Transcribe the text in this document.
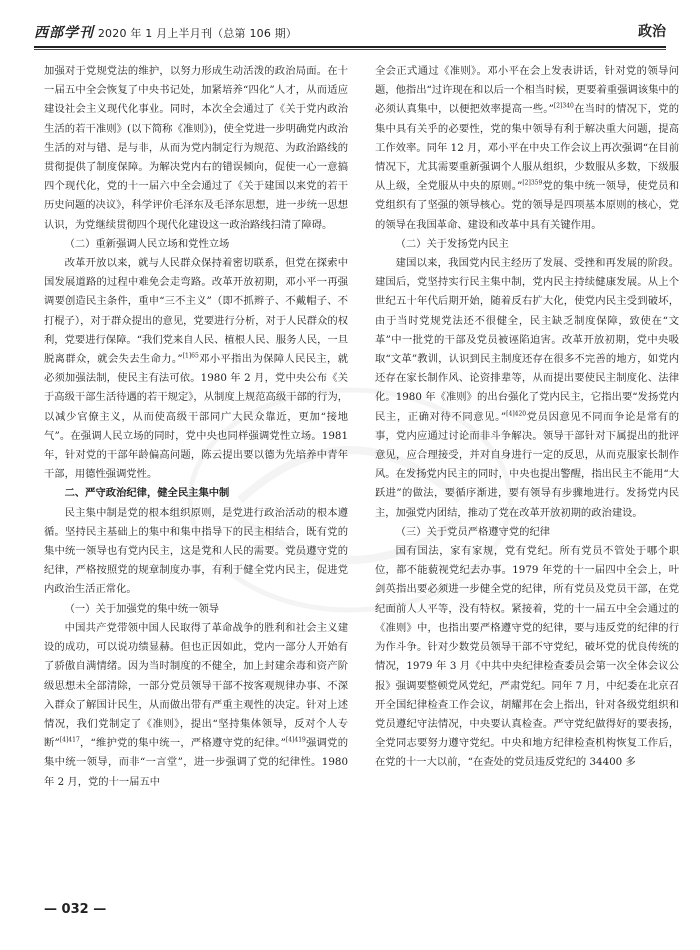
西部学刊 2020 年 1 月上半月刊（总第 106 期）	政治

加强对于党规党法的维护，以努力形成生动活泼的政治局面。在十一届五中全会恢复了中央书记处，加紧培养“四化”人才，从而适应建设社会主义现代化事业。同时，本次全会通过了《关于党内政治生活的若干准则》(以下简称《准则》)，使全党进一步明确党内政治生活的对与错、是与非，从而为党内制定行为规范、为政治路线的贯彻提供了制度保障。为解决党内右的错误倾向，促使一心一意搞四个现代化，党的十一届六中全会通过了《关于建国以来党的若干历史问题的决议》，科学评价毛泽东及毛泽东思想，进一步统一思想认识，为党继续贯彻四个现代化建设这一政治路线扫清了障碍。

（二）重新强调人民立场和党性立场

改革开放以来，就与人民群众保持着密切联系，但党在探索中国发展道路的过程中难免会走弯路。改革开放初期，邓小平一再强调要创造民主条件，重申“三不主义”（即不抓辫子、不戴帽子、不打棍子），对于群众提出的意见，党要进行分析，对于人民群众的权利，党要进行保障。“我们党来自人民、植根人民、服务人民，一旦脱离群众，就会失去生命力。”$^{[1]65}$邓小平指出为保障人民民主，就必须加强法制，使民主有法可依。1980 年 2 月，党中央公布《关于高级干部生活待遇的若干规定》，从制度上规范高级干部的行为，以减少官僚主义，从而使高级干部同广大民众靠近，更加“接地气”。在强调人民立场的同时，党中央也同样强调党性立场。1981 年，针对党的干部年龄偏高问题，陈云提出要以德为先培养中青年干部，用德性强调党性。

二、严守政治纪律，健全民主集中制

民主集中制是党的根本组织原则，是党进行政治活动的根本遵循。坚持民主基础上的集中和集中指导下的民主相结合，既有党的集中统一领导也有党内民主，这是党和人民的需要。党员遵守党的纪律，严格按照党的规章制度办事，有利于健全党内民主，促进党内政治生活正常化。

（一）关于加强党的集中统一领导

中国共产党带领中国人民取得了革命战争的胜利和社会主义建设的成功，可以说功绩显赫。但也正因如此，党内一部分人开始有了骄傲自满情绪。因为当时制度的不健全，加上封建余毒和资产阶级思想未全部清除，一部分党员领导干部不按客观规律办事、不深入群众了解国计民生，从而做出带有严重主观性的决定。针对上述情况，我们党制定了《准则》，提出“坚持集体领导，反对个人专断”$^{[4]417}$，“维护党的集中统一，严格遵守党的纪律。”$^{[4]419}$强调党的集中统一领导，而非“一言堂”，进一步强调了党的纪律性。1980 年 2 月，党的十一届五中

全会正式通过《准则》。邓小平在会上发表讲话，针对党的领导问题，他指出“过许现在和以后一个相当时候，更要着重强调该集中的必须认真集中，以便把效率提高一些。”$^{[2]340}$在当时的情况下，党的集中具有关乎的必要性，党的集中领导有利于解决重大问题，提高工作效率。同年 12 月，邓小平在中央工作会议上再次强调“在目前情况下，尤其需要重新强调个人服从组织，少数服从多数，下级服从上级，全党服从中央的原则。”$^{[2]359}$党的集中统一领导，使党员和党组织有了坚强的领导核心。党的领导是四项基本原则的核心，党的领导在我国革命、建设和改革中具有关键作用。

（二）关于发扬党内民主

建国以来，我国党内民主经历了发展、受挫和再发展的阶段。建国后，党坚持实行民主集中制，党内民主持续健康发展。从上个世纪五十年代后期开始，随着反右扩大化，使党内民主受到破坏，由于当时党规党法还不很健全，民主缺乏制度保障，致使在“文革”中一批党的干部及党员被诬陷迫害。改革开放初期，党中央吸取“文革”教训，认识到民主制度还存在很多不完善的地方，如党内还存在家长制作风、论资排辈等，从而提出要使民主制度化、法律化。1980 年《准则》的出台强化了党内民主，它指出要“发扬党内民主，正确对待不同意见。”$^{[4]420}$党员因意见不同而争论是常有的事，党内应通过讨论而非斗争解决。领导干部针对下属提出的批评意见，应合理接受，并对自身进行一定的反思，从而克服家长制作风。在发扬党内民主的同时，中央也提出警醒，指出民主不能用“大跃进”的做法，要循序渐进，要有领导有步骤地进行。发扬党内民主，加强党内团结，推动了党在改革开放初期的政治建设。

（三）关于党员严格遵守党的纪律

国有国法，家有家规，党有党纪。所有党员不管处于哪个职位，都不能藐视党纪去办事。1979 年党的十一届四中全会上，叶剑英指出要必须进一步健全党的纪律，所有党员及党员干部，在党纪面前人人平等，没有特权。紧接着，党的十一届五中全会通过的《准则》中，也指出要严格遵守党的纪律，要与违反党的纪律的行为作斗争。针对少数党员领导干部不守党纪，破坏党的优良传统的情况，1979 年 3 月《中共中央纪律检查委员会第一次全体会议公报》强调要整顿党风党纪，严肃党纪。同年 7 月，中纪委在北京召开全国纪律检查工作会议，胡耀邦在会上指出，针对各级党组织和党员遵纪守法情况，中央要认真检查。严守党纪做得好的要表扬，全党同志要努力遵守党纪。中央和地方纪律检查机构恢复工作后，在党的十一大以前，“在查处的党员违反党纪的 34400 多

— 032 —
